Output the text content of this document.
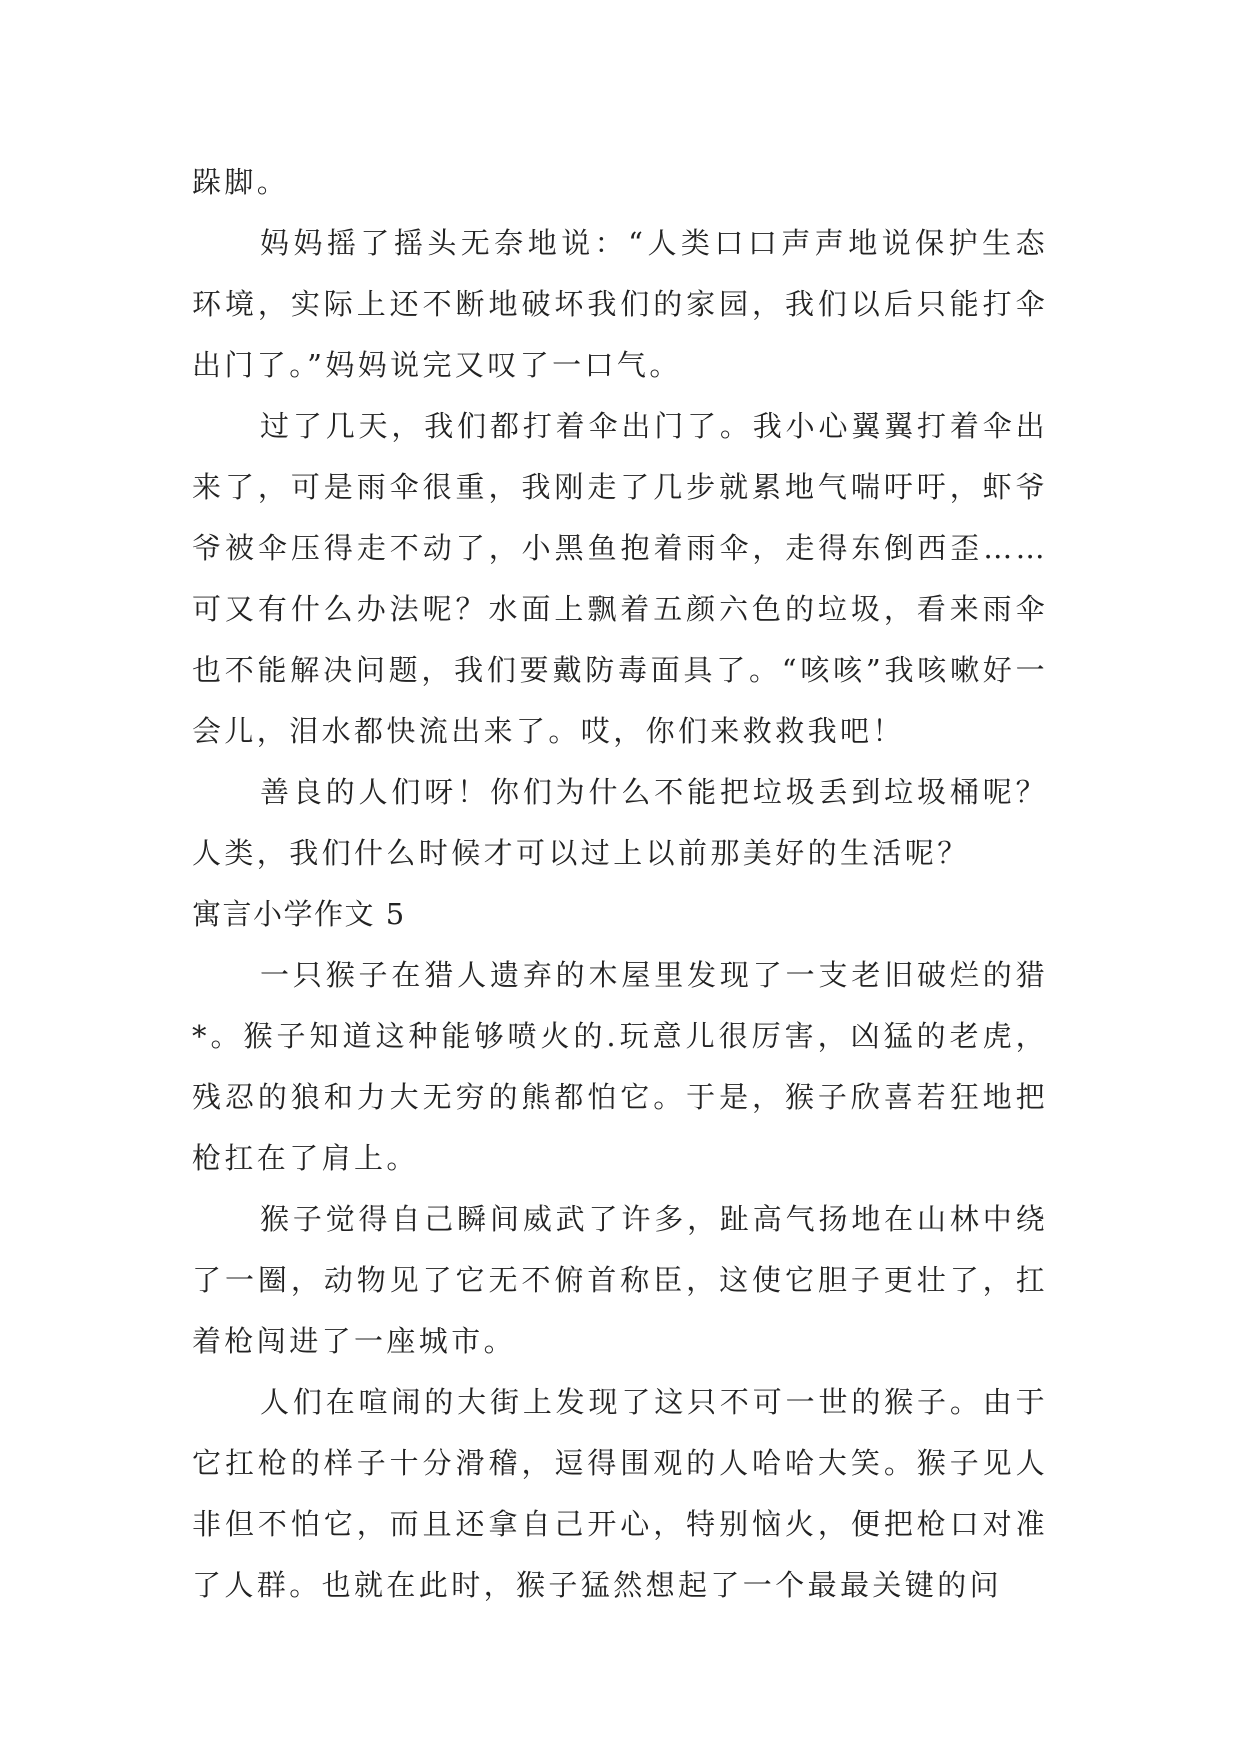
跺脚。

妈妈摇了摇头无奈地说：“人类口口声声地说保护生态环境，实际上还不断地破坏我们的家园，我们以后只能打伞出门了。”妈妈说完又叹了一口气。

过了几天，我们都打着伞出门了。我小心翼翼打着伞出来了，可是雨伞很重，我刚走了几步就累地气喘吁吁，虾爷爷被伞压得走不动了，小黑鱼抱着雨伞，走得东倒西歪……可又有什么办法呢？水面上飘着五颜六色的垃圾，看来雨伞也不能解决问题，我们要戴防毒面具了。“咳咳”我咳嗽好一会儿，泪水都快流出来了。哎，你们来救救我吧！

善良的人们呀！你们为什么不能把垃圾丢到垃圾桶呢？人类，我们什么时候才可以过上以前那美好的生活呢？

寓言小学作文 5

一只猴子在猎人遗弃的木屋里发现了一支老旧破烂的猎*。猴子知道这种能够喷火的.玩意儿很厉害，凶猛的老虎，残忍的狼和力大无穷的熊都怕它。于是，猴子欣喜若狂地把枪扛在了肩上。

猴子觉得自己瞬间威武了许多，趾高气扬地在山林中绕了一圈，动物见了它无不俯首称臣，这使它胆子更壮了，扛着枪闯进了一座城市。

人们在喧闹的大街上发现了这只不可一世的猴子。由于它扛枪的样子十分滑稽，逗得围观的人哈哈大笑。猴子见人非但不怕它，而且还拿自己开心，特别恼火，便把枪口对准了人群。也就在此时，猴子猛然想起了一个最最关键的问
